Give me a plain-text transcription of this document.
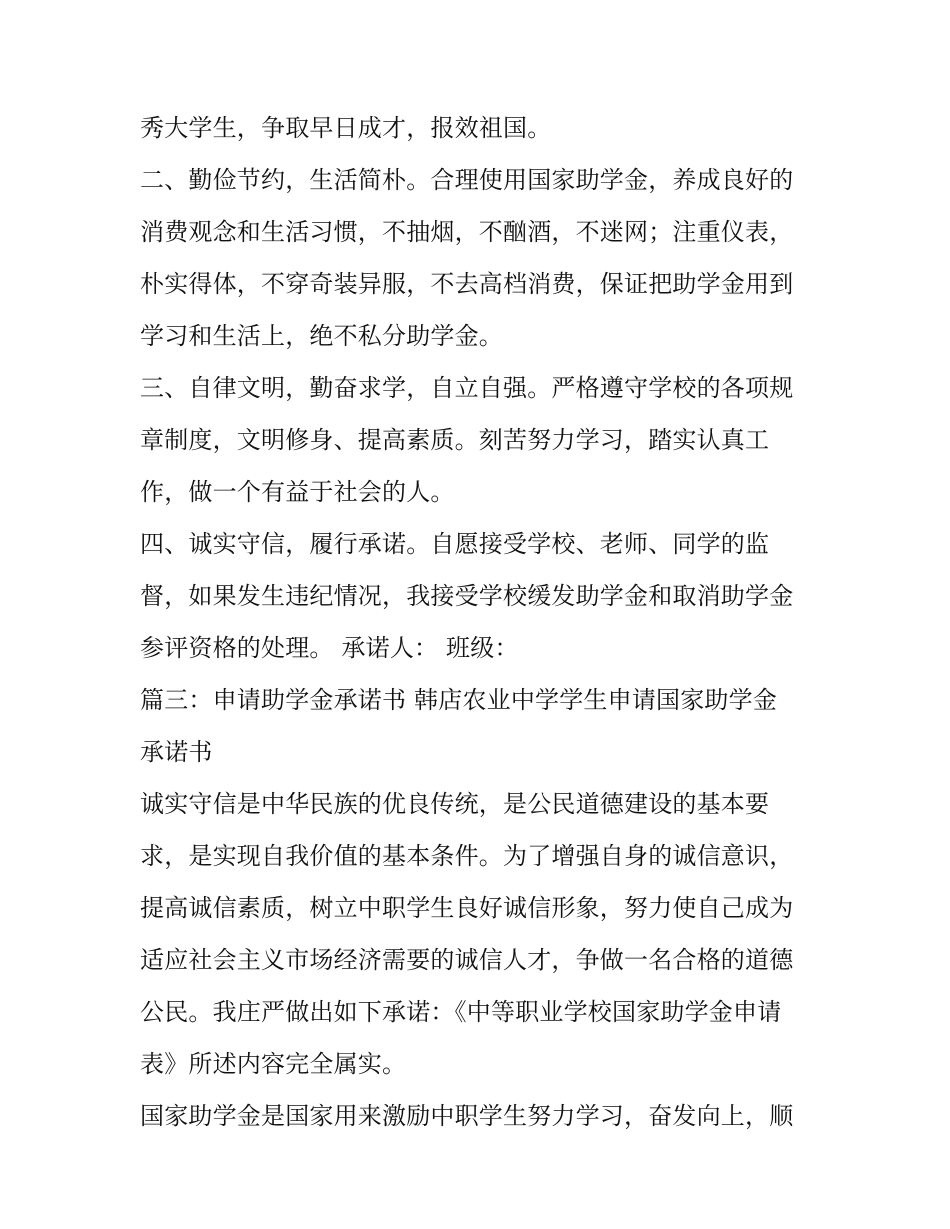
秀大学生，争取早日成才，报效祖国。
二、勤俭节约，生活简朴。合理使用国家助学金，养成良好的
消费观念和生活习惯，不抽烟，不酗酒，不迷网；注重仪表，
朴实得体，不穿奇装异服，不去高档消费，保证把助学金用到
学习和生活上，绝不私分助学金。
三、自律文明，勤奋求学，自立自强。严格遵守学校的各项规
章制度，文明修身、提高素质。刻苦努力学习，踏实认真工
作，做一个有益于社会的人。
四、诚实守信，履行承诺。自愿接受学校、老师、同学的监
督，如果发生违纪情况，我接受学校缓发助学金和取消助学金
参评资格的处理。 承诺人： 班级：
篇三：申请助学金承诺书 韩店农业中学学生申请国家助学金
承诺书
诚实守信是中华民族的优良传统，是公民道德建设的基本要
求，是实现自我价值的基本条件。为了增强自身的诚信意识，
提高诚信素质，树立中职学生良好诚信形象，努力使自己成为
适应社会主义市场经济需要的诚信人才，争做一名合格的道德
公民。我庄严做出如下承诺：《中等职业学校国家助学金申请
表》所述内容完全属实。
国家助学金是国家用来激励中职学生努力学习，奋发向上，顺
